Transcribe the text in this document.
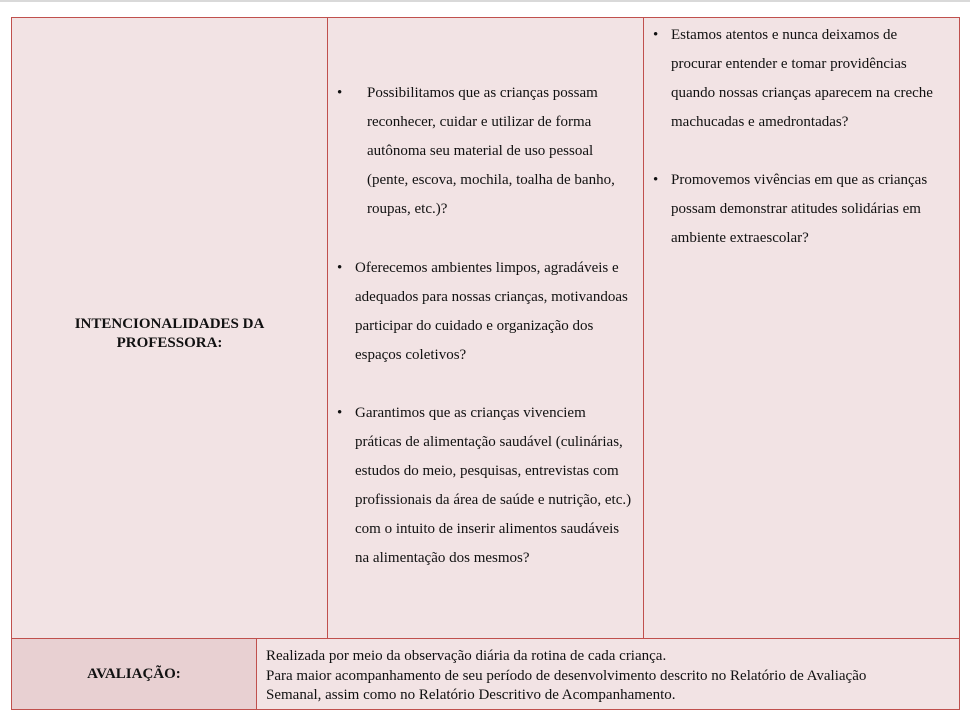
INTENCIONALIDADES DA PROFESSORA:
•	Possibilitamos que as crianças possam reconhecer, cuidar e utilizar de forma autônoma seu material de uso pessoal (pente, escova, mochila, toalha de banho, roupas, etc.)?
• Oferecemos ambientes limpos, agradáveis e adequados para nossas crianças, motivandoas participar do cuidado e organização dos espaços coletivos?
• Garantimos que as crianças vivenciem práticas de alimentação saudável (culinárias, estudos do meio, pesquisas, entrevistas com profissionais da área de saúde e nutrição, etc.) com o intuito de inserir alimentos saudáveis na alimentação dos mesmos?
• Estamos atentos e nunca deixamos de procurar entender e tomar providências quando nossas crianças aparecem na creche machucadas e amedrontadas?
• Promovemos vivências em que as crianças possam demonstrar atitudes solidárias em ambiente extraescolar?
AVALIAÇÃO:
Realizada por meio da observação diária da rotina de cada criança.
Para maior acompanhamento de seu período de desenvolvimento descrito no Relatório de Avaliação
Semanal, assim como no Relatório Descritivo de Acompanhamento.
